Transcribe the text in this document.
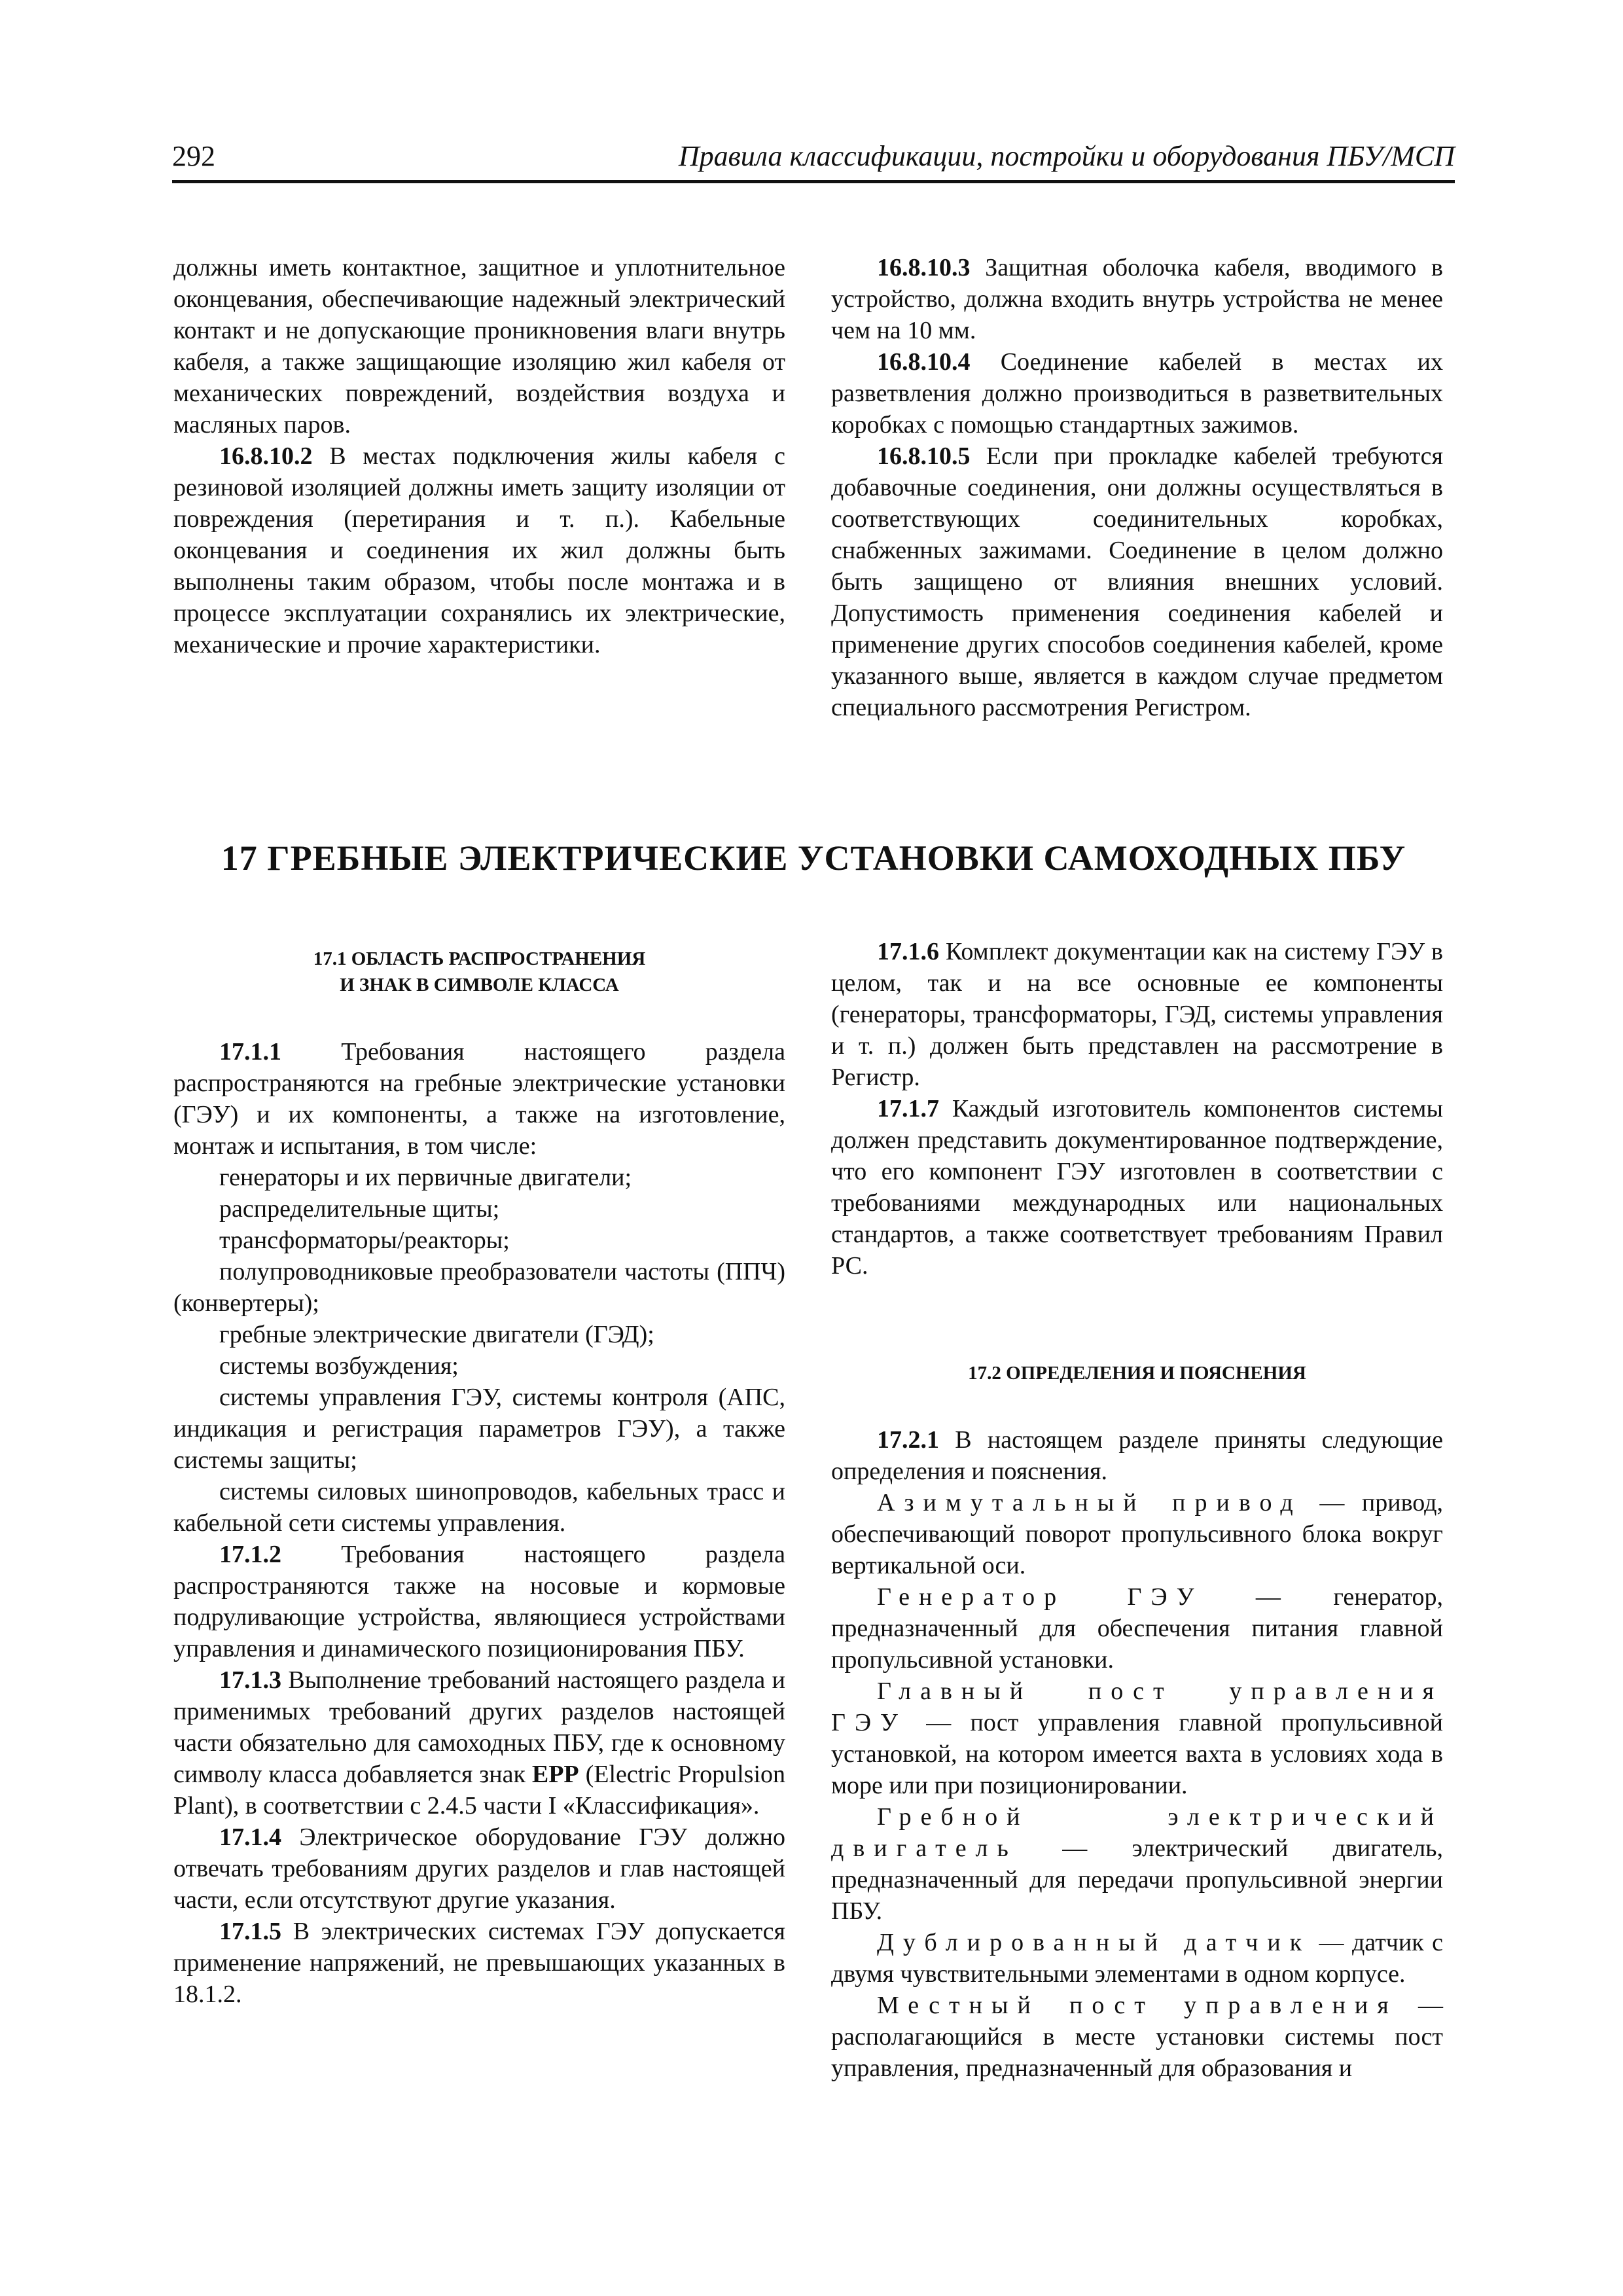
292	Правила классификации, постройки и оборудования ПБУ/МСП

должны иметь контактное, защитное и уплотнительное оконцевания, обеспечивающие надежный электрический контакт и не допускающие проникновения влаги внутрь кабеля, а также защищающие изоляцию жил кабеля от механических повреждений, воздействия воздуха и масляных паров.

16.8.10.2 В местах подключения жилы кабеля с резиновой изоляцией должны иметь защиту изоляции от повреждения (перетирания и т. п.). Кабельные оконцевания и соединения их жил должны быть выполнены таким образом, чтобы после монтажа и в процессе эксплуатации сохранялись их электрические, механические и прочие характеристики.

16.8.10.3 Защитная оболочка кабеля, вводимого в устройство, должна входить внутрь устройства не менее чем на 10 мм.

16.8.10.4 Соединение кабелей в местах их разветвления должно производиться в разветвительных коробках с помощью стандартных зажимов.

16.8.10.5 Если при прокладке кабелей требуются добавочные соединения, они должны осуществляться в соответствующих соединительных коробках, снабженных зажимами. Соединение в целом должно быть защищено от влияния внешних условий. Допустимость применения соединения кабелей и применение других способов соединения кабелей, кроме указанного выше, является в каждом случае предметом специального рассмотрения Регистром.

17 ГРЕБНЫЕ ЭЛЕКТРИЧЕСКИЕ УСТАНОВКИ САМОХОДНЫХ ПБУ

17.1 ОБЛАСТЬ РАСПРОСТРАНЕНИЯ
И ЗНАК В СИМВОЛЕ КЛАССА

17.1.1 Требования настоящего раздела распространяются на гребные электрические установки (ГЭУ) и их компоненты, а также на изготовление, монтаж и испытания, в том числе:

генераторы и их первичные двигатели;

распределительные щиты;

трансформаторы/реакторы;

полупроводниковые преобразователи частоты (ППЧ) (конвертеры);

гребные электрические двигатели (ГЭД);

системы возбуждения;

системы управления ГЭУ, системы контроля (АПС, индикация и регистрация параметров ГЭУ), а также системы защиты;

системы силовых шинопроводов, кабельных трасс и кабельной сети системы управления.

17.1.2 Требования настоящего раздела распространяются также на носовые и кормовые подруливающие устройства, являющиеся устройствами управления и динамического позиционирования ПБУ.

17.1.3 Выполнение требований настоящего раздела и применимых требований других разделов настоящей части обязательно для самоходных ПБУ, где к основному символу класса добавляется знак EPP (Electric Propulsion Plant), в соответствии с 2.4.5 части I «Классификация».

17.1.4 Электрическое оборудование ГЭУ должно отвечать требованиям других разделов и глав настоящей части, если отсутствуют другие указания.

17.1.5 В электрических системах ГЭУ допускается применение напряжений, не превышающих указанных в 18.1.2.

17.1.6 Комплект документации как на систему ГЭУ в целом, так и на все основные ее компоненты (генераторы, трансформаторы, ГЭД, системы управления и т. п.) должен быть представлен на рассмотрение в Регистр.

17.1.7 Каждый изготовитель компонентов системы должен представить документированное подтверждение, что его компонент ГЭУ изготовлен в соответствии с требованиями международных или национальных стандартов, а также соответствует требованиям Правил РС.

17.2 ОПРЕДЕЛЕНИЯ И ПОЯСНЕНИЯ

17.2.1 В настоящем разделе приняты следующие определения и пояснения.

Азимутальный привод — привод, обеспечивающий поворот пропульсивного блока вокруг вертикальной оси.

Генератор ГЭУ — генератор, предназначенный для обеспечения питания главной пропульсивной установки.

Главный пост управления ГЭУ — пост управления главной пропульсивной установкой, на котором имеется вахта в условиях хода в море или при позиционировании.

Гребной электрический двигатель — электрический двигатель, предназначенный для передачи пропульсивной энергии ПБУ.

Дублированный датчик — датчик с двумя чувствительными элементами в одном корпусе.

Местный пост управления — располагающийся в месте установки системы пост управления, предназначенный для образования и
